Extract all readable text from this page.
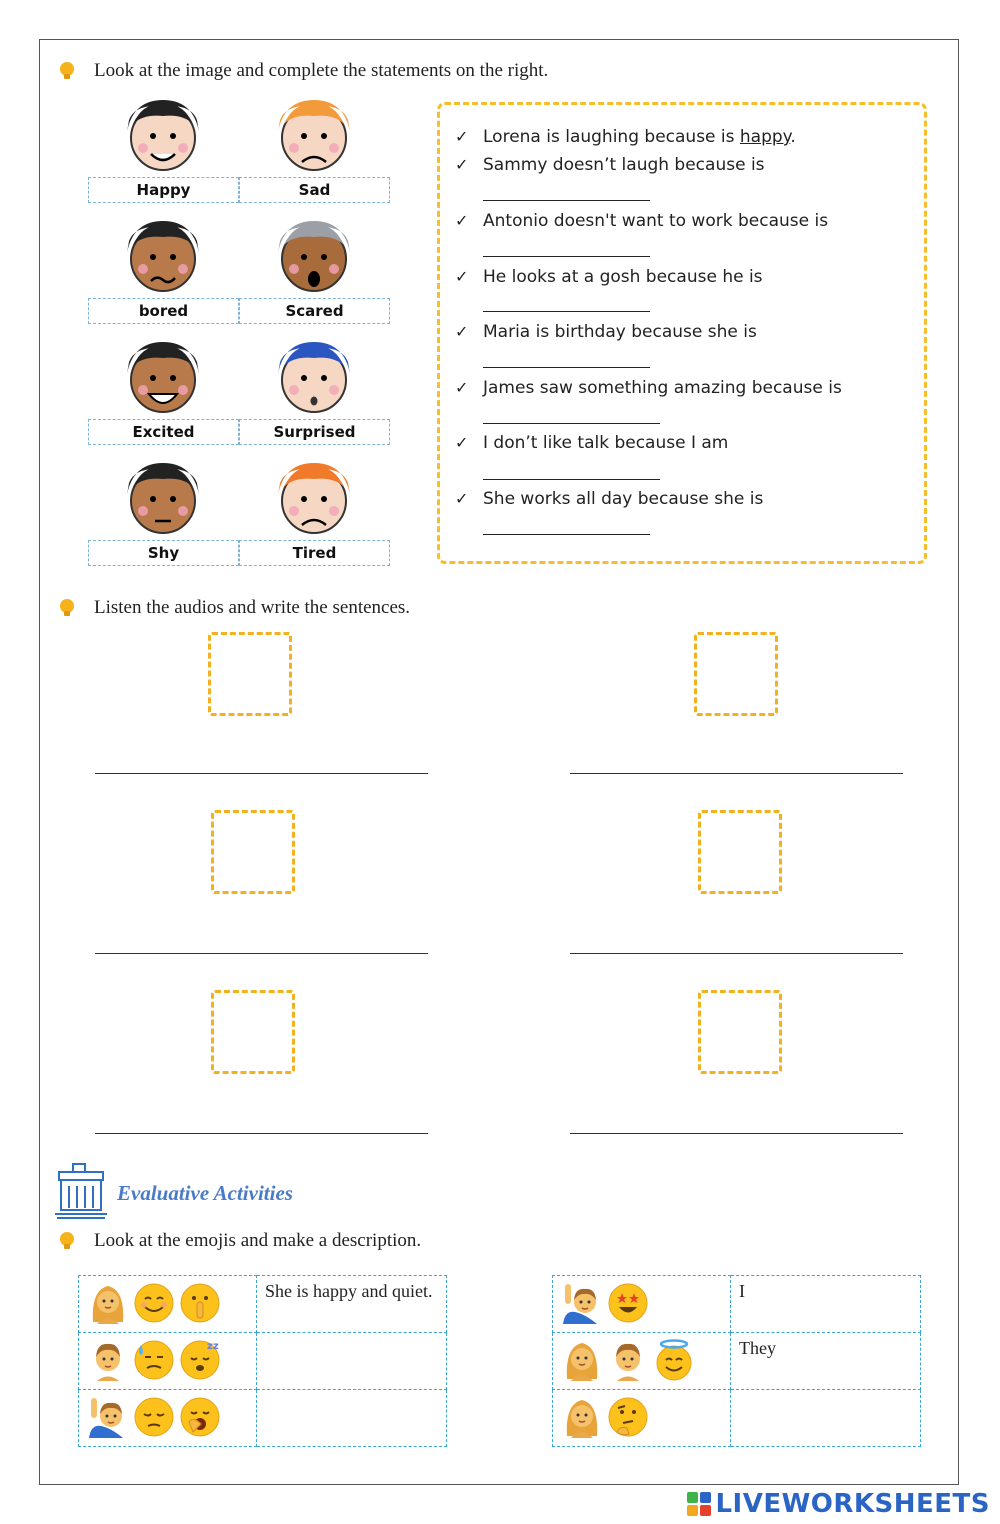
Look at the image and complete the statements on the right.
Happy	Sad
bored	Scared
Excited	Surprised
Shy	Tired
✓ Lorena is laughing because is happy.
✓ Sammy doesn’t laugh because is
✓ Antonio doesn't want to work because is
✓ He looks at a gosh because he is
✓ Maria is birthday because she is
✓ James saw something amazing because is
✓ I don’t like talk because I am
✓ She works all day because she is
Listen the audios and write the sentences.
Evaluative Activities
Look at the emojis and make a description.
	She is happy and quiet.

zz	

	I
	They

LIVEWORKSHEETS
